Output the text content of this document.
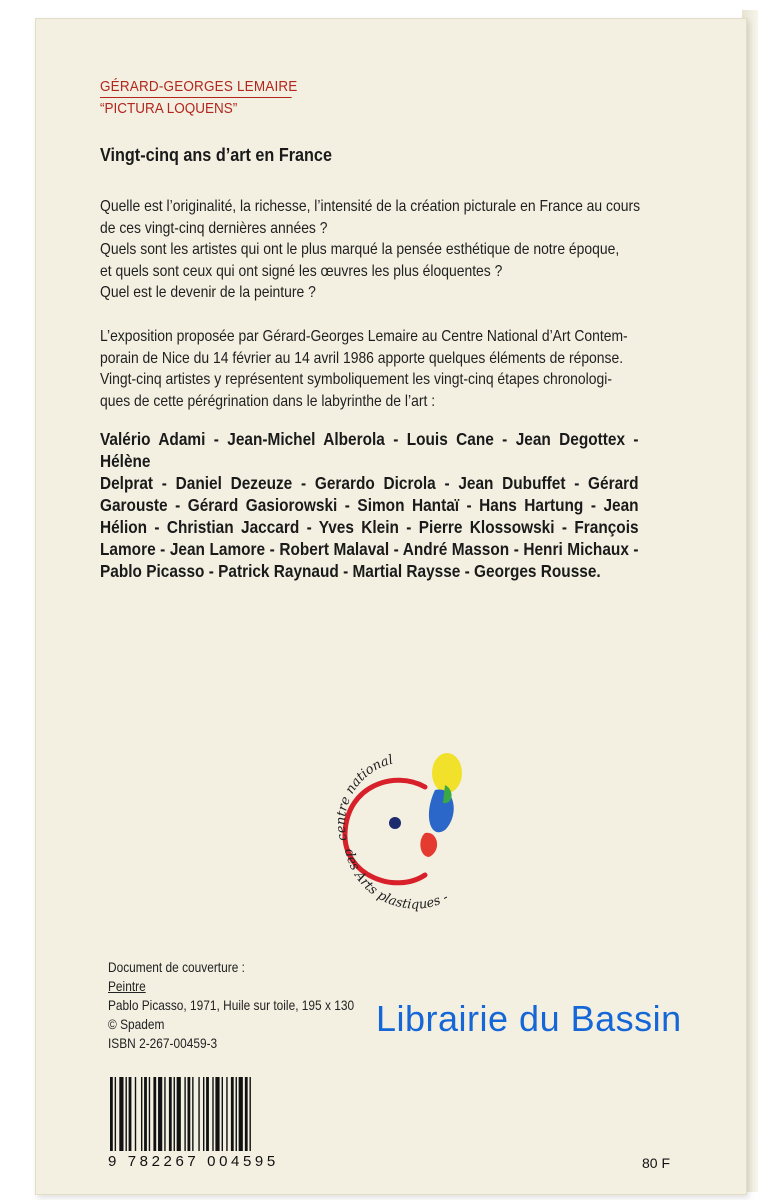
GÉRARD-GEORGES LEMAIRE
“PICTURA LOQUENS”
Vingt-cinq ans d’art en France
Quelle est l’originalité, la richesse, l’intensité de la création picturale en France au cours
de ces vingt-cinq dernières années ?
Quels sont les artistes qui ont le plus marqué la pensée esthétique de notre époque,
et quels sont ceux qui ont signé les œuvres les plus éloquentes ?
Quel est le devenir de la peinture ?
L’exposition proposée par Gérard-Georges Lemaire au Centre National d’Art Contem-
porain de Nice du 14 février au 14 avril 1986 apporte quelques éléments de réponse.
Vingt-cinq artistes y représentent symboliquement les vingt-cinq étapes chronologi-
ques de cette pérégrination dans le labyrinthe de l’art :
Valério Adami - Jean-Michel Alberola - Louis Cane - Jean Degottex - Hélène
Delprat - Daniel Dezeuze - Gerardo Dicrola - Jean Dubuffet - Gérard
Garouste - Gérard Gasiorowski - Simon Hantaï - Hans Hartung - Jean
Hélion - Christian Jaccard - Yves Klein - Pierre Klossowski - François
Lamore - Jean Lamore - Robert Malaval - André Masson - Henri Michaux -
Pablo Picasso - Patrick Raynaud - Martial Raysse - Georges Rousse.
centre national
des Arts plastiques -
Document de couverture :
Peintre
Pablo Picasso, 1971, Huile sur toile, 195 x 130
© Spadem
ISBN 2-267-00459-3
Librairie du Bassin
9 782267 004595	80 F
